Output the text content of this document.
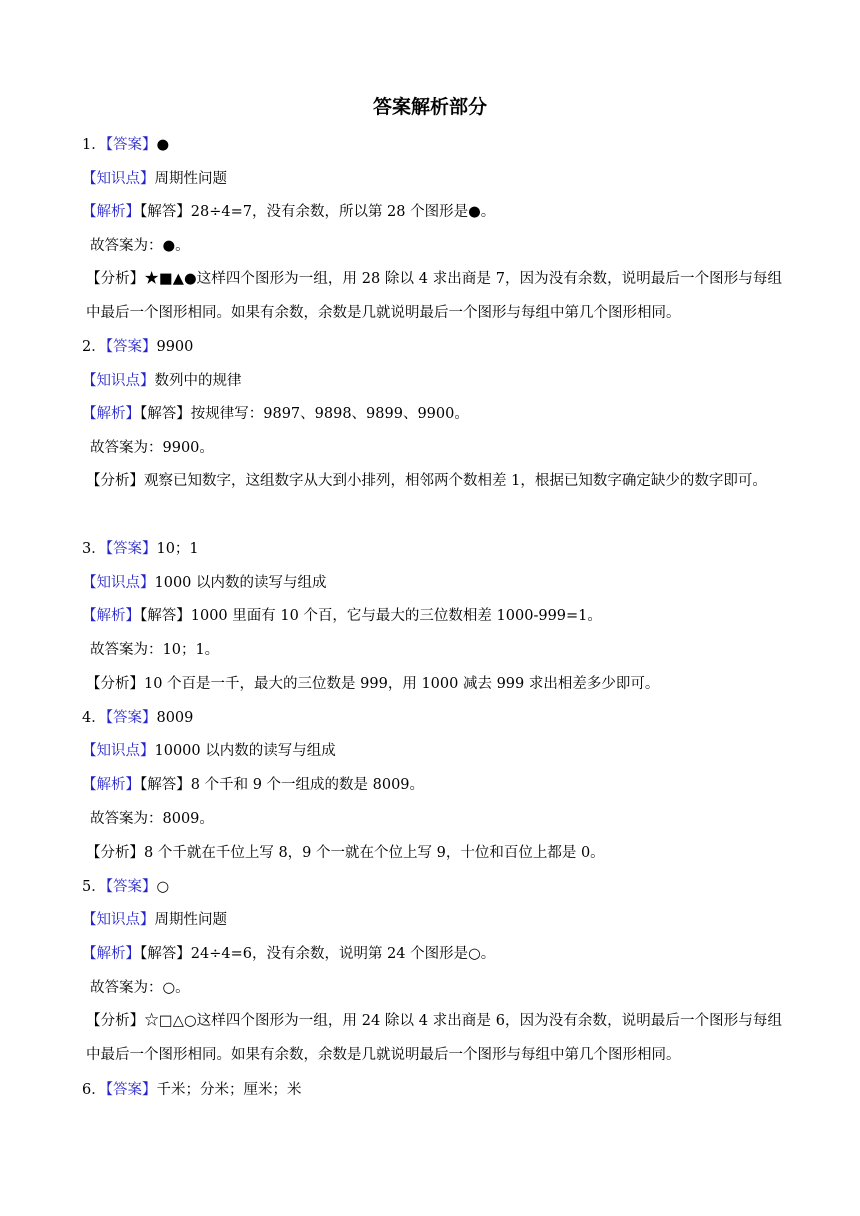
答案解析部分
1．【答案】●
【知识点】周期性问题
【解析】【解答】28÷4=7，没有余数，所以第 28 个图形是●。
故答案为：●。
【分析】★■▲●这样四个图形为一组，用 28 除以 4 求出商是 7，因为没有余数，说明最后一个图形与每组中最后一个图形相同。如果有余数，余数是几就说明最后一个图形与每组中第几个图形相同。
2．【答案】9900
【知识点】数列中的规律
【解析】【解答】按规律写：9897、9898、9899、9900。
故答案为：9900。
【分析】观察已知数字，这组数字从大到小排列，相邻两个数相差 1，根据已知数字确定缺少的数字即可。
3．【答案】10；1
【知识点】1000 以内数的读写与组成
【解析】【解答】1000 里面有 10 个百，它与最大的三位数相差 1000-999=1。
故答案为：10；1。
【分析】10 个百是一千，最大的三位数是 999，用 1000 减去 999 求出相差多少即可。
4．【答案】8009
【知识点】10000 以内数的读写与组成
【解析】【解答】8 个千和 9 个一组成的数是 8009。
故答案为：8009。
【分析】8 个千就在千位上写 8，9 个一就在个位上写 9，十位和百位上都是 0。
5．【答案】○
【知识点】周期性问题
【解析】【解答】24÷4=6，没有余数，说明第 24 个图形是○。
故答案为：○。
【分析】☆□△○这样四个图形为一组，用 24 除以 4 求出商是 6，因为没有余数，说明最后一个图形与每组中最后一个图形相同。如果有余数，余数是几就说明最后一个图形与每组中第几个图形相同。
6．【答案】千米；分米；厘米；米
